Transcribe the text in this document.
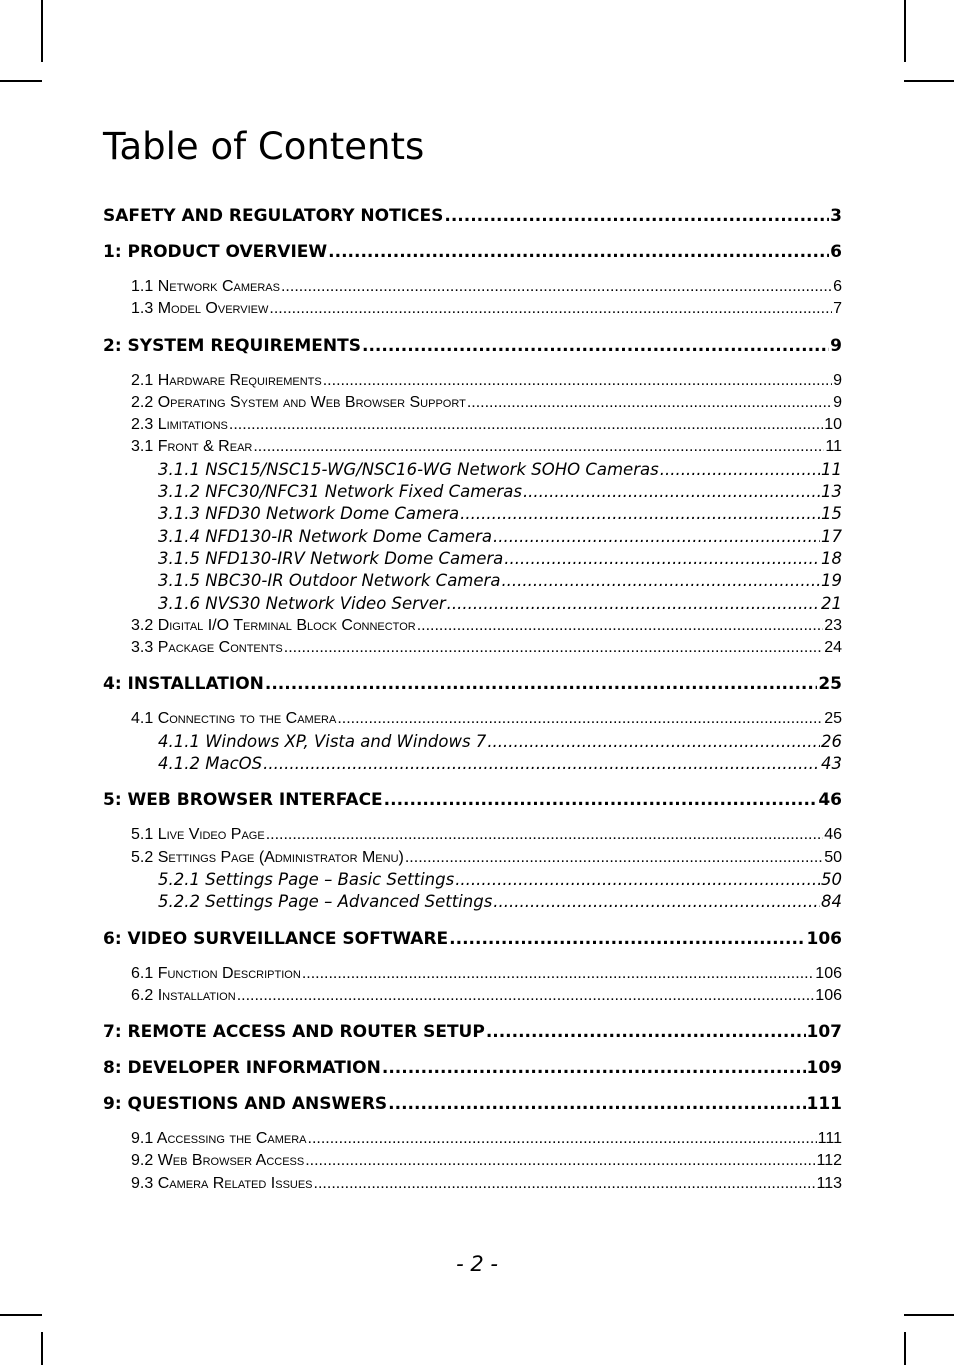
Table of Contents
SAFETY AND REGULATORY NOTICES .....	3
1: PRODUCT OVERVIEW .....	6
1.1 Network Cameras .....	6
1.3 Model Overview .....	7
2: SYSTEM REQUIREMENTS .....	9
2.1 Hardware Requirements .....	9
2.2 Operating System and Web Browser Support .....	9
2.3 Limitations .....	10
3.1 Front & Rear .....	11
3.1.1 NSC15/NSC15-WG/NSC16-WG Network SOHO Cameras .....	11
3.1.2 NFC30/NFC31 Network Fixed Cameras .....	13
3.1.3 NFD30 Network Dome Camera .....	15
3.1.4 NFD130-IR Network Dome Camera .....	17
3.1.5 NFD130-IRV Network Dome Camera .....	18
3.1.5 NBC30-IR Outdoor Network Camera .....	19
3.1.6 NVS30 Network Video Server .....	21
3.2 Digital I/O Terminal Block Connector .....	23
3.3 Package Contents .....	24
4: INSTALLATION .....	25
4.1 Connecting to the Camera .....	25
4.1.1 Windows XP, Vista and Windows 7 .....	26
4.1.2 MacOS .....	43
5: WEB BROWSER INTERFACE .....	46
5.1 Live Video Page .....	46
5.2 Settings Page (Administrator Menu) .....	50
5.2.1 Settings Page – Basic Settings .....	50
5.2.2 Settings Page – Advanced Settings .....	84
6: VIDEO SURVEILLANCE SOFTWARE .....	106
6.1 Function Description .....	106
6.2 Installation .....	106
7: REMOTE ACCESS AND ROUTER SETUP .....	107
8: DEVELOPER INFORMATION .....	109
9: QUESTIONS AND ANSWERS .....	111
9.1 Accessing the Camera .....	111
9.2 Web Browser Access .....	112
9.3 Camera Related Issues .....	113
- 2 -
